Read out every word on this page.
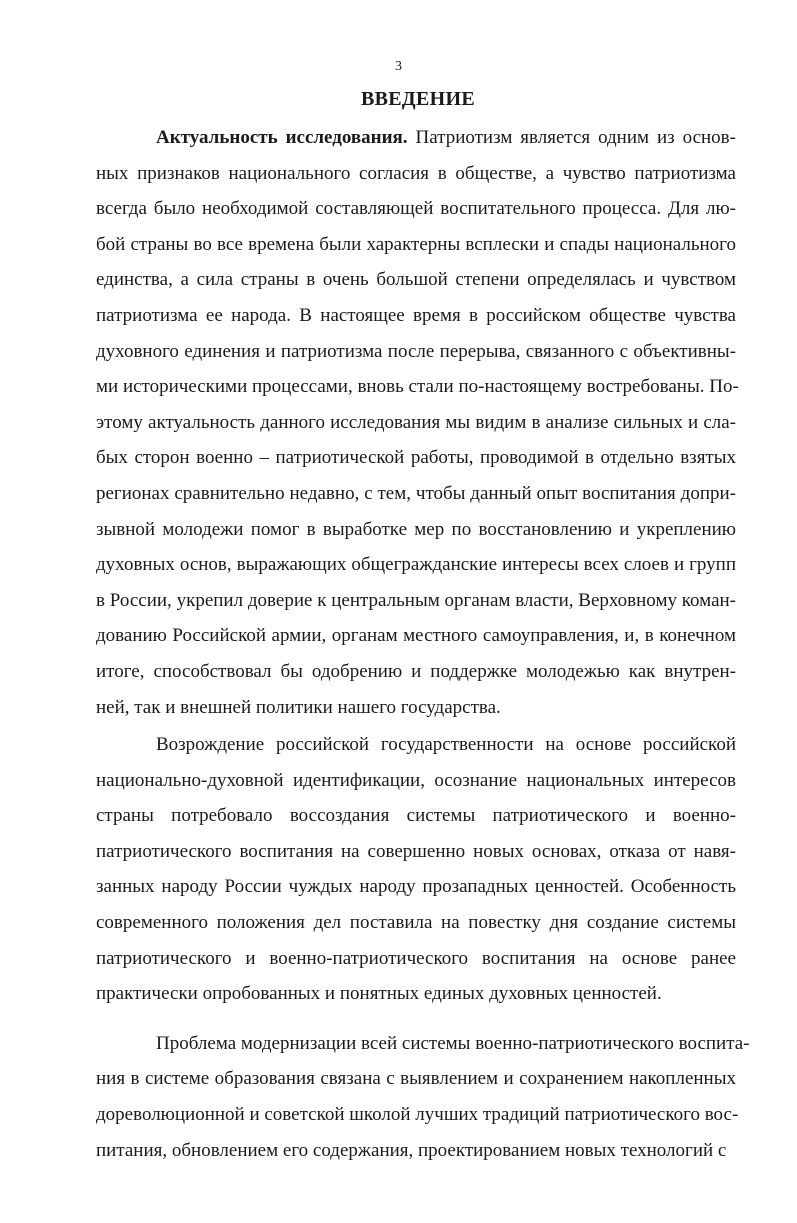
3
ВВЕДЕНИЕ
Актуальность исследования. Патриотизм является одним из основ-
ных признаков национального согласия в обществе, а чувство патриотизма
всегда было необходимой составляющей воспитательного процесса. Для лю-
бой страны во все времена были характерны всплески и спады национального
единства, а сила страны в очень большой степени определялась и чувством
патриотизма ее народа. В настоящее время в российском обществе чувства
духовного единения и патриотизма после перерыва, связанного с объективны-
ми историческими процессами, вновь стали по-настоящему востребованы. По-
этому актуальность данного исследования мы видим в анализе сильных и сла-
бых сторон военно – патриотической работы, проводимой в отдельно взятых
регионах сравнительно недавно, с тем, чтобы данный опыт воспитания допри-
зывной молодежи помог в выработке мер по восстановлению и укреплению
духовных основ, выражающих общегражданские интересы всех слоев и групп
в России, укрепил доверие к центральным органам власти, Верховному коман-
дованию Российской армии, органам местного самоуправления, и, в конечном
итоге, способствовал бы одобрению и поддержке молодежью как внутрен-
ней, так и внешней политики нашего государства.
Возрождение российской государственности на основе российской
национально-духовной идентификации, осознание национальных интересов
страны потребовало воссоздания системы патриотического и военно-
патриотического воспитания на совершенно новых основах, отказа от навя-
занных народу России чуждых народу прозападных ценностей. Особенность
современного положения дел поставила на повестку дня создание системы
патриотического и военно-патриотического воспитания на основе ранее
практически опробованных и понятных единых духовных ценностей.
Проблема модернизации всей системы военно-патриотического воспита-
ния в системе образования связана с выявлением и сохранением накопленных
дореволюционной и советской школой лучших традиций патриотического вос-
питания, обновлением его содержания, проектированием новых технологий с
